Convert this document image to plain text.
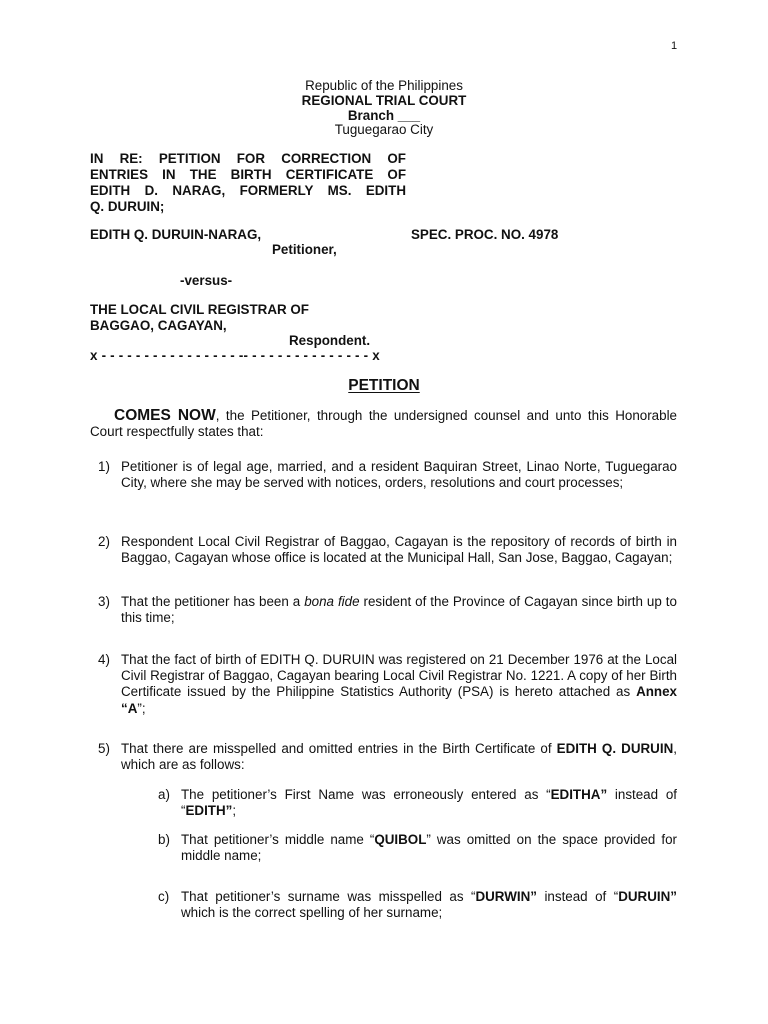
1
Republic of the Philippines
REGIONAL TRIAL COURT
Branch ___
Tuguegarao City
IN RE: PETITION FOR CORRECTION OF
ENTRIES IN THE BIRTH CERTIFICATE OF
EDITH D. NARAG, FORMERLY MS. EDITH
Q. DURUIN;
EDITH Q. DURUIN-NARAG,
Petitioner,
SPEC. PROC. NO. 4978
-versus-
THE LOCAL CIVIL REGISTRAR OF
BAGGAO, CAGAYAN,
Respondent.
x - - - - - - - - - - - - - - - - -- - - - - - - - - - - - - - - x
PETITION
COMES NOW, the Petitioner, through the undersigned counsel and unto this Honorable Court respectfully states that:
1) Petitioner is of legal age, married, and a resident Baquiran Street, Linao Norte, Tuguegarao City, where she may be served with notices, orders, resolutions and court processes;
2) Respondent Local Civil Registrar of Baggao, Cagayan is the repository of records of birth in Baggao, Cagayan whose office is located at the Municipal Hall, San Jose, Baggao, Cagayan;
3) That the petitioner has been a bona fide resident of the Province of Cagayan since birth up to this time;
4) That the fact of birth of EDITH Q. DURUIN was registered on 21 December 1976 at the Local Civil Registrar of Baggao, Cagayan bearing Local Civil Registrar No. 1221. A copy of her Birth Certificate issued by the Philippine Statistics Authority (PSA) is hereto attached as Annex “A”;
5) That there are misspelled and omitted entries in the Birth Certificate of EDITH Q. DURUIN, which are as follows:
a) The petitioner’s First Name was erroneously entered as “EDITHA” instead of “EDITH”;
b) That petitioner’s middle name “QUIBOL” was omitted on the space provided for middle name;
c) That petitioner’s surname was misspelled as “DURWIN” instead of “DURUIN” which is the correct spelling of her surname;
